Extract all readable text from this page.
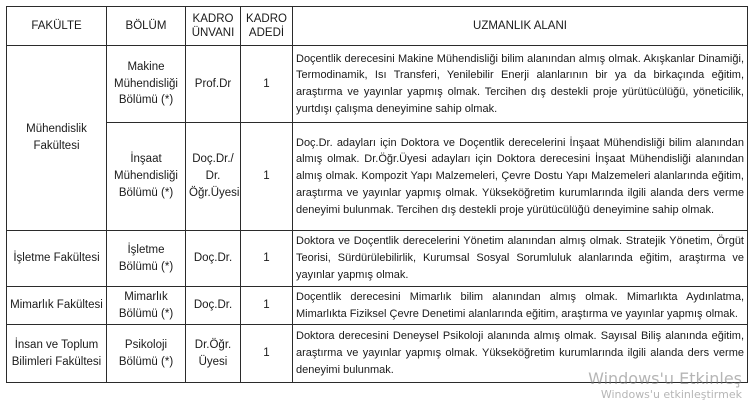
FAKÜLTE	BÖLÜM	KADRO ÜNVANI	KADRO ADEDİ	UZMANLIK ALANI
Mühendislik Fakültesi	Makine Mühendisliği Bölümü (*)	Prof.Dr	1	Doçentlik derecesini Makine Mühendisliği bilim alanından almış olmak. Akışkanlar Dinamiği, Termodinamik, Isı Transferi, Yenilebilir Enerji alanlarının bir ya da birkaçında eğitim, araştırma ve yayınlar yapmış olmak. Tercihen dış destekli proje yürütücülüğü, yöneticilik, yurtdışı çalışma deneyimine sahip olmak.
	İnşaat Mühendisliği Bölümü (*)	Doç.Dr./ Dr. Öğr.Üyesi	1	Doç.Dr. adayları için Doktora ve Doçentlik derecelerini İnşaat Mühendisliği bilim alanından almış olmak. Dr.Öğr.Üyesi adayları için Doktora derecesini İnşaat Mühendisliği alanından almış olmak. Kompozit Yapı Malzemeleri, Çevre Dostu Yapı Malzemeleri alanlarında eğitim, araştırma ve yayınlar yapmış olmak. Yükseköğretim kurumlarında ilgili alanda ders verme deneyimi bulunmak. Tercihen dış destekli proje yürütücülüğü deneyimine sahip olmak.
İşletme Fakültesi	İşletme Bölümü (*)	Doç.Dr.	1	Doktora ve Doçentlik derecelerini Yönetim alanından almış olmak. Stratejik Yönetim, Örgüt Teorisi, Sürdürülebilirlik, Kurumsal Sosyal Sorumluluk alanlarında eğitim, araştırma ve yayınlar yapmış olmak.
Mimarlık Fakültesi	Mimarlık Bölümü (*)	Doç.Dr.	1	Doçentlik derecesini Mimarlık bilim alanından almış olmak. Mimarlıkta Aydınlatma, Mimarlıkta Fiziksel Çevre Denetimi alanlarında eğitim, araştırma ve yayınlar yapmış olmak.
İnsan ve Toplum Bilimleri Fakültesi	Psikoloji Bölümü (*)	Dr.Öğr. Üyesi	1	Doktora derecesini Deneysel Psikoloji alanında almış olmak. Sayısal Biliş alanında eğitim, araştırma ve yayınlar yapmış olmak. Yükseköğretim kurumlarında ilgili alanda ders verme deneyimi bulunmak.	Windows'u Etkinleş
Windows'u etkinleştirmek
